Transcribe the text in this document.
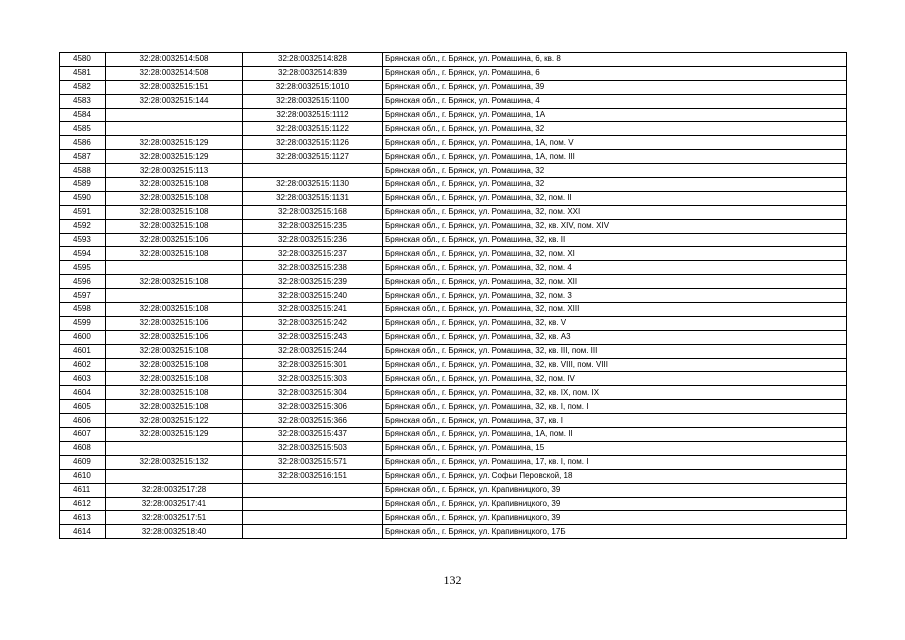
4580	32:28:0032514:508	32:28:0032514:828	Брянская обл., г. Брянск, ул. Ромашина, 6, кв. 8
4581	32:28:0032514:508	32:28:0032514:839	Брянская обл., г. Брянск, ул. Ромашина, 6
4582	32:28:0032515:151	32:28:0032515:1010	Брянская обл., г. Брянск, ул. Ромашина, 39
4583	32:28:0032515:144	32:28:0032515:1100	Брянская обл., г. Брянск, ул. Ромашина, 4
4584		32:28:0032515:1112	Брянская обл., г. Брянск, ул. Ромашина, 1А
4585		32:28:0032515:1122	Брянская обл., г. Брянск, ул. Ромашина, 32
4586	32:28:0032515:129	32:28:0032515:1126	Брянская обл., г. Брянск, ул. Ромашина, 1А, пом. V
4587	32:28:0032515:129	32:28:0032515:1127	Брянская обл., г. Брянск, ул. Ромашина, 1А, пом. III
4588	32:28:0032515:113		Брянская обл., г. Брянск, ул. Ромашина, 32
4589	32:28:0032515:108	32:28:0032515:1130	Брянская обл., г. Брянск, ул. Ромашина, 32
4590	32:28:0032515:108	32:28:0032515:1131	Брянская обл., г. Брянск, ул. Ромашина, 32, пом. II
4591	32:28:0032515:108	32:28:0032515:168	Брянская обл., г. Брянск, ул. Ромашина, 32, пом. XXI
4592	32:28:0032515:108	32:28:0032515:235	Брянская обл., г. Брянск, ул. Ромашина, 32, кв. XIV, пом. XIV
4593	32:28:0032515:106	32:28:0032515:236	Брянская обл., г. Брянск, ул. Ромашина, 32, кв. II
4594	32:28:0032515:108	32:28:0032515:237	Брянская обл., г. Брянск, ул. Ромашина, 32, пом. XI
4595		32:28:0032515:238	Брянская обл., г. Брянск, ул. Ромашина, 32, пом. 4
4596	32:28:0032515:108	32:28:0032515:239	Брянская обл., г. Брянск, ул. Ромашина, 32, пом. XII
4597		32:28:0032515:240	Брянская обл., г. Брянск, ул. Ромашина, 32, пом. 3
4598	32:28:0032515:108	32:28:0032515:241	Брянская обл., г. Брянск, ул. Ромашина, 32, пом. XIII
4599	32:28:0032515:106	32:28:0032515:242	Брянская обл., г. Брянск, ул. Ромашина, 32, кв. V
4600	32:28:0032515:106	32:28:0032515:243	Брянская обл., г. Брянск, ул. Ромашина, 32, кв. А3
4601	32:28:0032515:108	32:28:0032515:244	Брянская обл., г. Брянск, ул. Ромашина, 32, кв. III, пом. III
4602	32:28:0032515:108	32:28:0032515:301	Брянская обл., г. Брянск, ул. Ромашина, 32, кв. VIII, пом. VIII
4603	32:28:0032515:108	32:28:0032515:303	Брянская обл., г. Брянск, ул. Ромашина, 32, пом. IV
4604	32:28:0032515:108	32:28:0032515:304	Брянская обл., г. Брянск, ул. Ромашина, 32, кв. IX, пом. IX
4605	32:28:0032515:108	32:28:0032515:306	Брянская обл., г. Брянск, ул. Ромашина, 32, кв. I, пом. I
4606	32:28:0032515:122	32:28:0032515:366	Брянская обл., г. Брянск, ул. Ромашина, 37, кв. I
4607	32:28:0032515:129	32:28:0032515:437	Брянская обл., г. Брянск, ул. Ромашина, 1А, пом. II
4608		32:28:0032515:503	Брянская обл., г. Брянск, ул. Ромашина, 15
4609	32:28:0032515:132	32:28:0032515:571	Брянская обл., г. Брянск, ул. Ромашина, 17, кв. I, пом. I
4610		32:28:0032516:151	Брянская обл., г. Брянск, ул. Софьи Перовской, 18
4611	32:28:0032517:28		Брянская обл., г. Брянск, ул. Крапивницкого, 39
4612	32:28:0032517:41		Брянская обл., г. Брянск, ул. Крапивницкого, 39
4613	32:28:0032517:51		Брянская обл., г. Брянск, ул. Крапивницкого, 39
4614	32:28:0032518:40		Брянская обл., г. Брянск, ул. Крапивницкого, 17Б
132
